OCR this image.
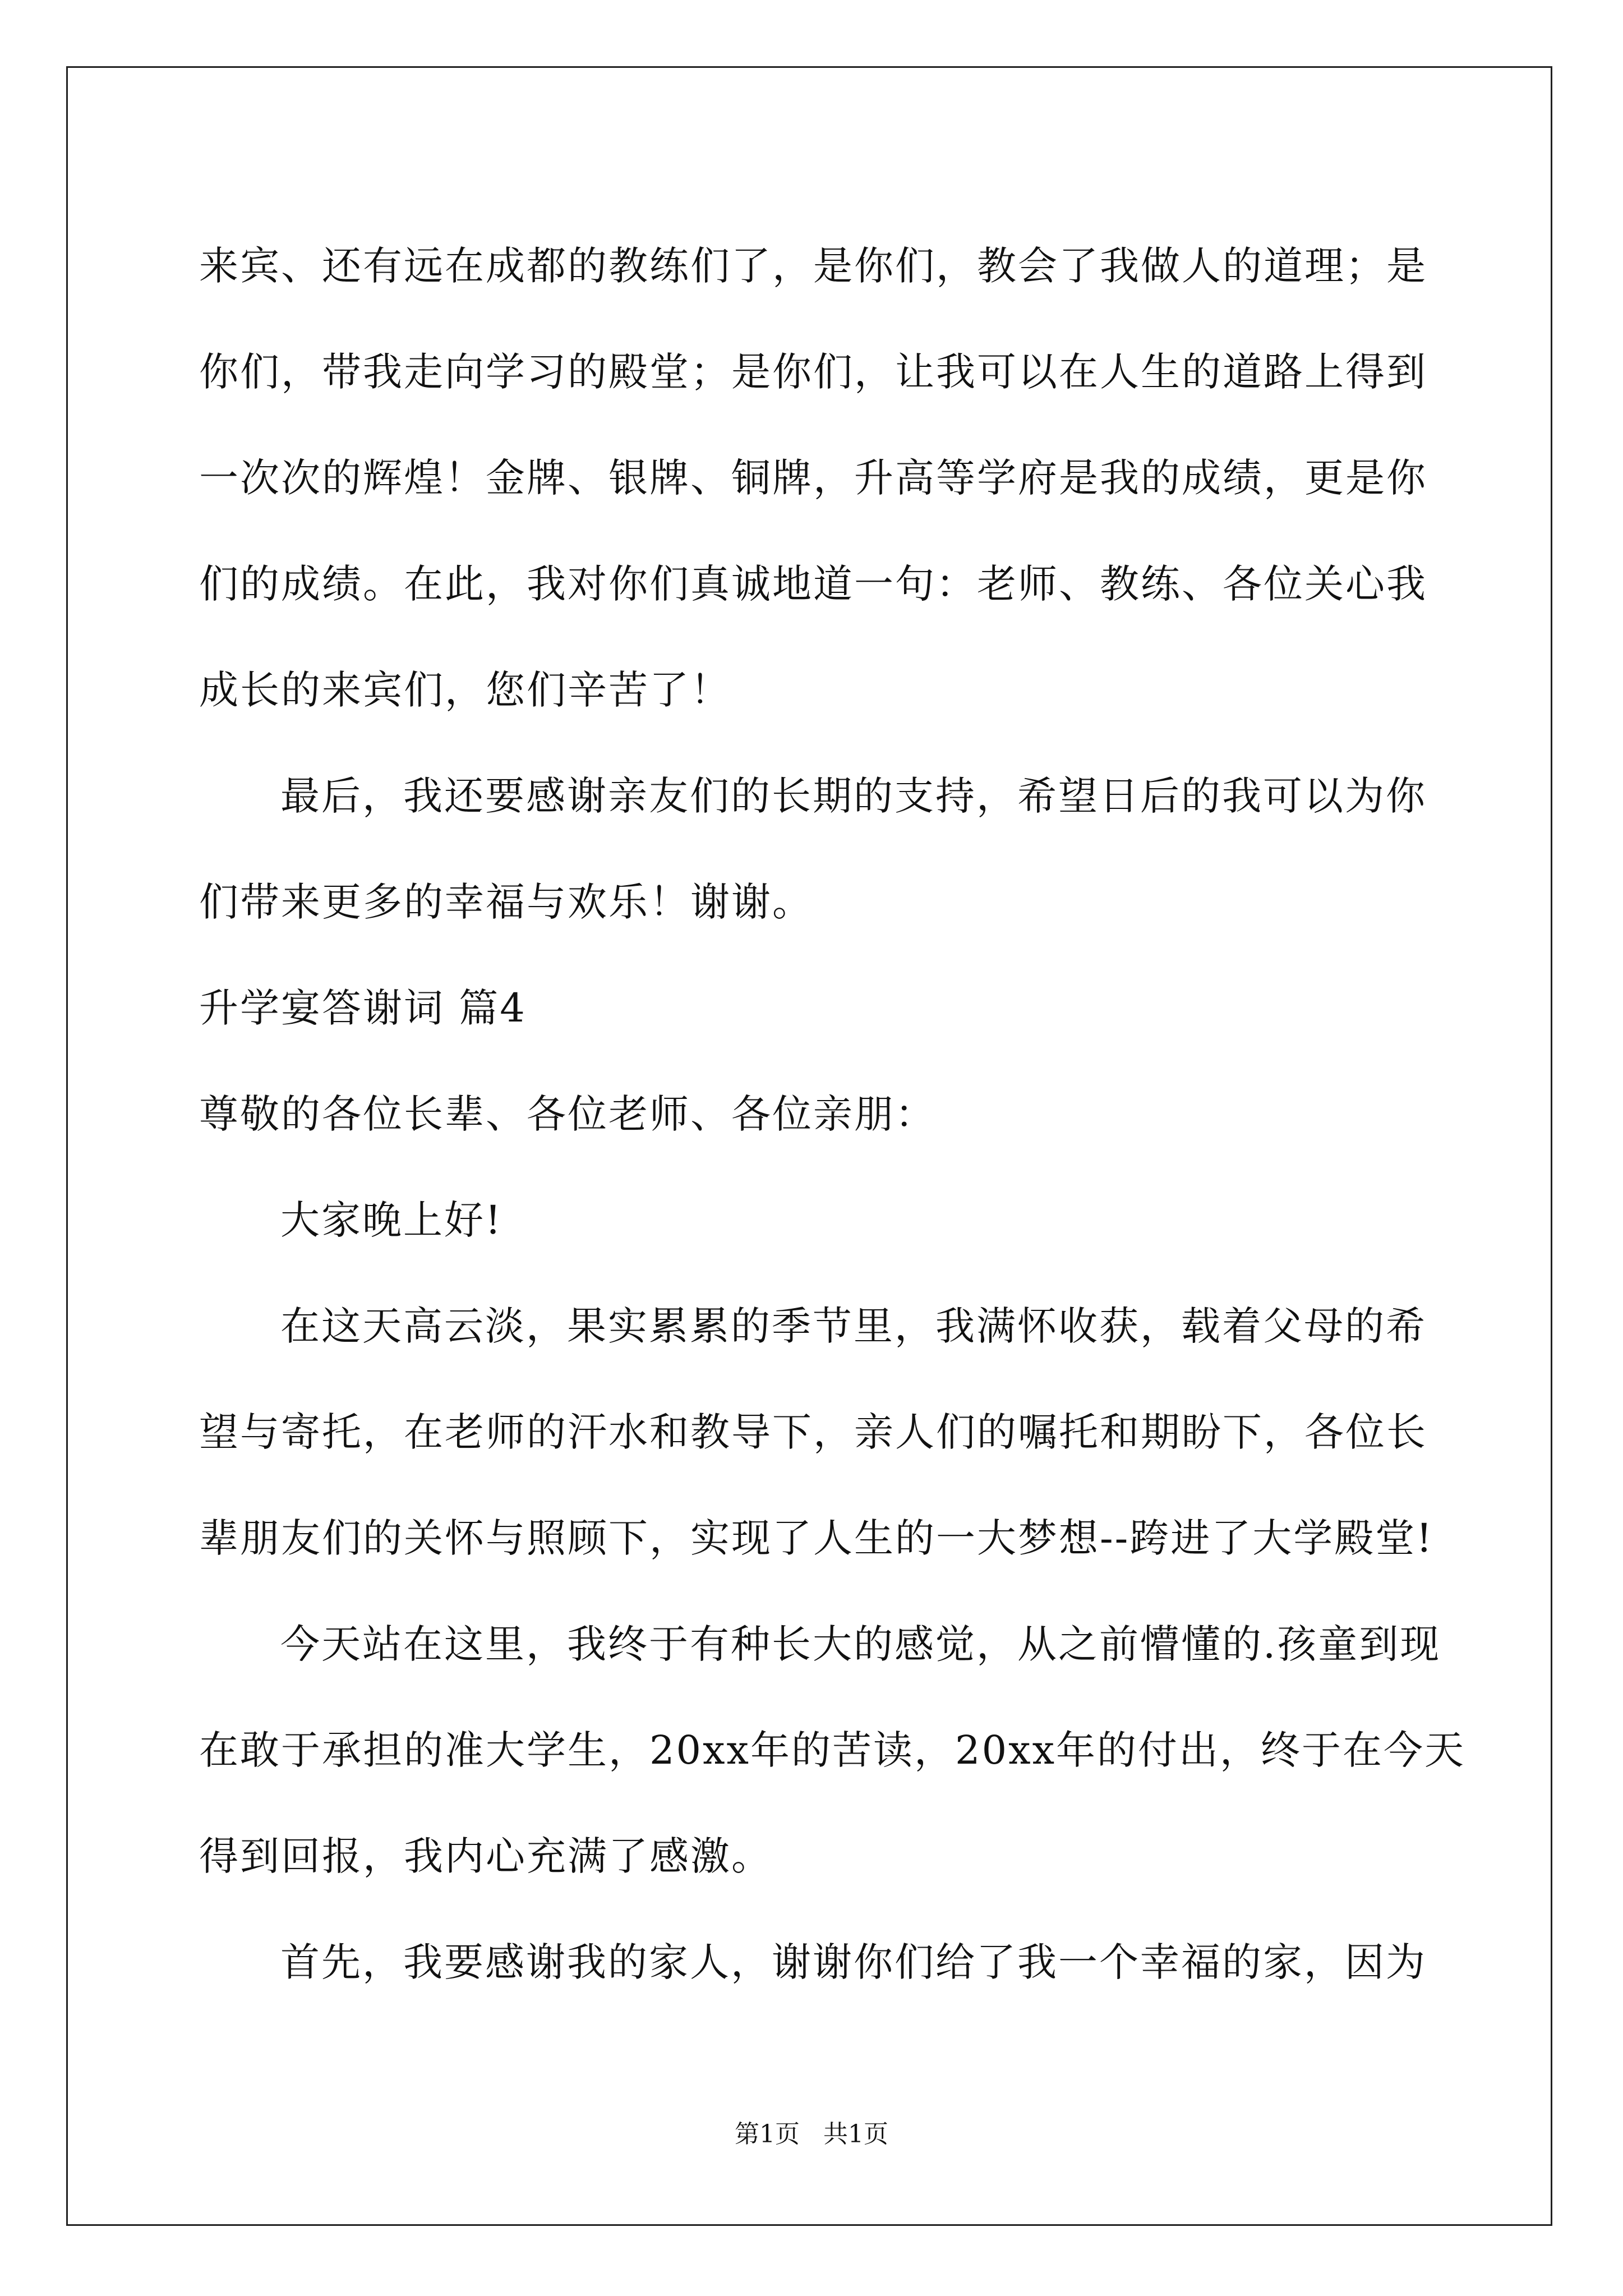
来宾、还有远在成都的教练们了，是你们，教会了我做人的道理；是
你们，带我走向学习的殿堂；是你们，让我可以在人生的道路上得到
一次次的辉煌！金牌、银牌、铜牌，升高等学府是我的成绩，更是你
们的成绩。在此，我对你们真诚地道一句：老师、教练、各位关心我
成长的来宾们，您们辛苦了！
最后，我还要感谢亲友们的长期的支持，希望日后的我可以为你
们带来更多的幸福与欢乐！谢谢。
升学宴答谢词 篇4
尊敬的各位长辈、各位老师、各位亲朋：
大家晚上好!
在这天高云淡，果实累累的季节里，我满怀收获，载着父母的希
望与寄托，在老师的汗水和教导下，亲人们的嘱托和期盼下，各位长
辈朋友们的关怀与照顾下，实现了人生的一大梦想--跨进了大学殿堂!
今天站在这里，我终于有种长大的感觉，从之前懵懂的.孩童到现
在敢于承担的准大学生，20xx年的苦读，20xx年的付出，终于在今天
得到回报，我内心充满了感激。
首先，我要感谢我的家人，谢谢你们给了我一个幸福的家，因为
第1页   共1页
